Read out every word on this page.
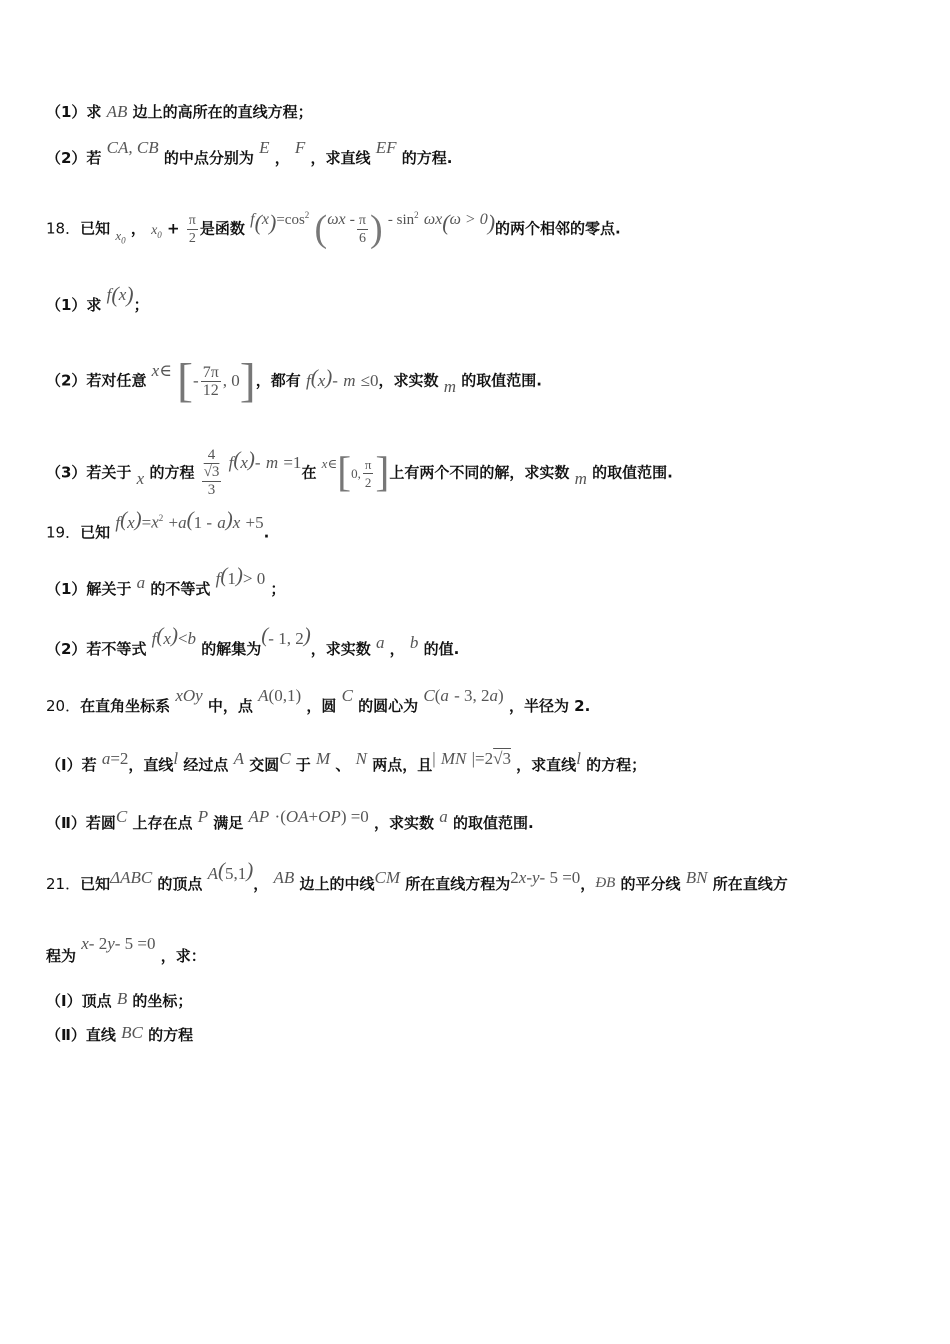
（1）求 AB 边上的高所在的直线方程；
（2）若 CA, CB 的中点分别为 E ， F ，求直线 EF 的方程.
18．已知 $x_0$ ， $x_0 + \frac{\pi}{2}$ 是函数 $f(x)=\cos^2$ ($\omega x - \frac{\pi}{6}$ ) - $\sin^2 \omega x(\omega > 0)$的两个相邻的零点.
（1）求 f(x)；
（2）若对任意 x∈ [- $\frac{7\pi}{12}$ , 0]，都有 f(x)- m ≤0，求实数 m 的取值范围.
（3）若关于 x 的方程 4
√3
3 f(x)- m =1在 x∈[0, $\frac{\pi}{2}$ ]上有两个不同的解，求实数 m 的取值范围.
19．已知 $f(x)=x^2 +a(1 - a)x +5$.
（1）解关于 a 的不等式 f(1)> 0 ；
（2）若不等式 f(x)<b 的解集为(- 1, 2)，求实数 a ， b 的值.
20．在直角坐标系 xOy 中，点 A(0,1) ，圆 C 的圆心为 C(a - 3, 2a) ，半径为 2.
（Ⅰ）若 a=2，直线l 经过点 A 交圆C 于 M 、 N 两点，且| MN |=2√3 ，求直线l 的方程；
（Ⅱ）若圆C 上存在点 P 满足 AP ·(OA+OP) =0 ，求实数 a 的取值范围.
21．已知ΔABC 的顶点 A(5,1)， AB 边上的中线CM 所在直线方程为2x-y- 5 =0，ÐB 的平分线 BN 所在直线方
程为 x- 2y- 5 =0 ，求：
（Ⅰ）顶点 B 的坐标；
（Ⅱ）直线 BC 的方程
